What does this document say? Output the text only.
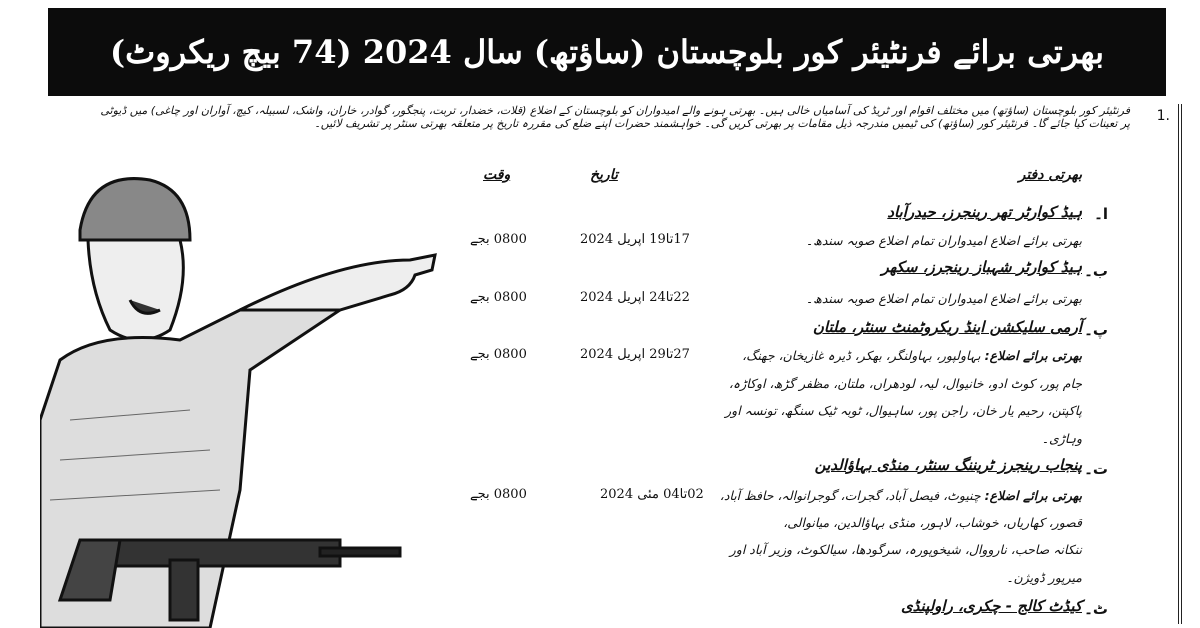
بھرتی برائے فرنٹیئر کور بلوچستان (ساؤتھ) سال 2024 (74 بیچ ریکروٹ)
1.
فرنٹیئر کور بلوچستان (ساؤتھ) میں مختلف اقوام اور ٹریڈ کی آسامیاں خالی ہیں۔ بھرتی ہونے والے امیدواران کو بلوچستان کے اضلاع (قلات، خضدار، تربت، پنجگور، گوادر، خاران، واشک، لسبیلہ، کیچ، آواران اور چاغی) میں ڈیوٹی
پر تعینات کیا جائے گا۔ فرنٹیئر کور (ساؤتھ) کی ٹیمیں مندرجہ ذیل مقامات پر بھرتی کریں گی۔ خواہشمند حضرات اپنے ضلع کی مقررہ تاریخ پر متعلقہ بھرتی سنٹر پر تشریف لائیں۔
بھرتی دفتر
تاریخ
وقت
ا۔
ہیڈ کوارٹر تھر رینجرز، حیدرآباد
بھرتی برائے اضلاع امیدواران تمام اضلاع صوبہ سندھ۔
17تا19 اپریل 2024
0800 بجے
ب۔
ہیڈ کوارٹر شہباز رینجرز، سکھر
بھرتی برائے اضلاع امیدواران تمام اضلاع صوبہ سندھ۔
22تا24 اپریل 2024
0800 بجے
پ۔
آرمی سلیکشن اینڈ ریکروٹمنٹ سنٹر، ملتان
بھرتی برائے اضلاع: بہاولپور، بہاولنگر، بھکر، ڈیرہ غازیخان، جھنگ،
جام پور، کوٹ ادو، خانیوال، لیہ، لودھراں، ملتان، مظفر گڑھ، اوکاڑہ،
پاکپتن، رحیم یار خان، راجن پور، ساہیوال، ٹوبہ ٹیک سنگھ، تونسہ اور
وہاڑی۔
27تا29 اپریل 2024
0800 بجے
ت۔
پنجاب رینجرز ٹریننگ سنٹر، منڈی بہاؤالدین
بھرتی برائے اضلاع: چنیوٹ، فیصل آباد، گجرات، گوجرانوالہ، حافظ آباد،
قصور، کھاریاں، خوشاب، لاہور، منڈی بہاؤالدین، میانوالی،
ننکانہ صاحب، نارووال، شیخوپورہ، سرگودھا، سیالکوٹ، وزیر آباد اور
میرپور ڈویژن۔
02تا04 مئی 2024
0800 بجے
ٹ۔
کیڈٹ کالج - چکری، راولپنڈی
